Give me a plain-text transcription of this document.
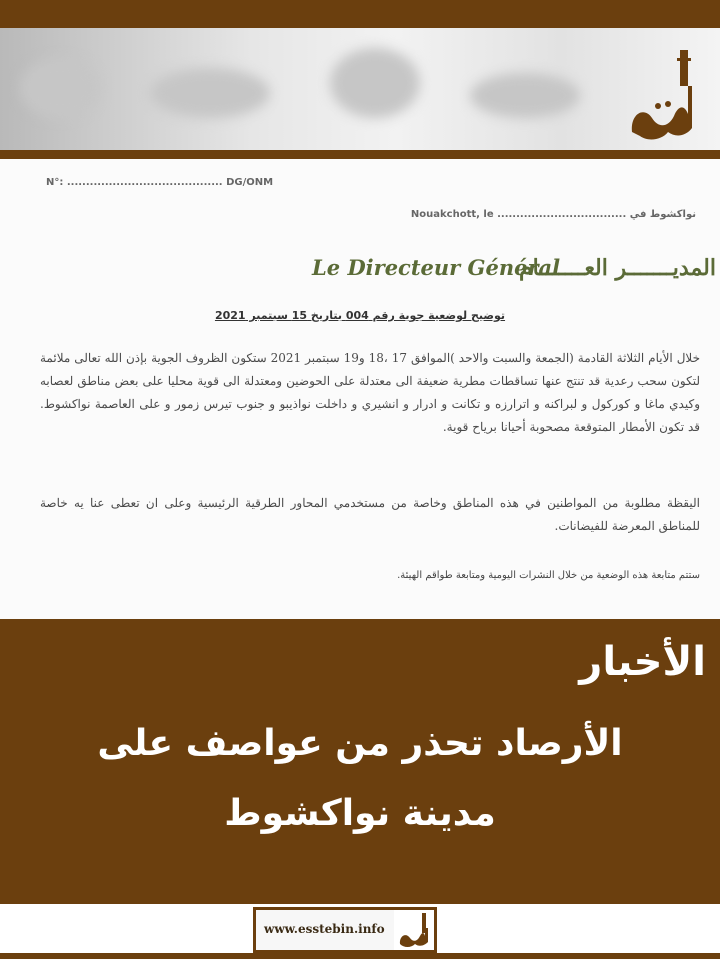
N°: ......................................... DG/ONM
Nouakchott, le .................................. نواكشوط في
Le Directeur Général
المديـــــــر العـــــــام
توضيح لوضعية جوية رقم 004 بتاريخ 15 سبتمبر 2021

خلال الأيام الثلاثة القادمة (الجمعة والسبت والاحد )الموافق 17 ،18 و19 سبتمبر 2021 ستكون الظروف الجوية بإذن الله تعالى ملائمة لتكون سحب رعدية قد تنتج عنها تساقطات مطرية ضعيفة الى معتدلة على الحوضين ومعتدلة الى قوية محليا على بعض مناطق لعصابه وكيدي ماغا و كوركول و لبراكنه و اترارزه و تكانت و ادرار و انشيري و داخلت نواذيبو و جنوب تيرس زمور و على العاصمة نواكشوط. قد تكون الأمطار المتوقعة مصحوبة أحيانا برياح قوية.

اليقظة مطلوبة من المواطنين في هذه المناطق وخاصة من مستخدمي المحاور الطرقية الرئيسية وعلى ان تعطى عنا يه خاصة للمناطق المعرضة للفيضانات.

ستتم متابعة هذه الوضعية من خلال النشرات اليومية ومتابعة طواقم الهيئة.

الأخبار
الأرصاد تحذر من عواصف على
مدينة نواكشوط
www.esstebin.info
